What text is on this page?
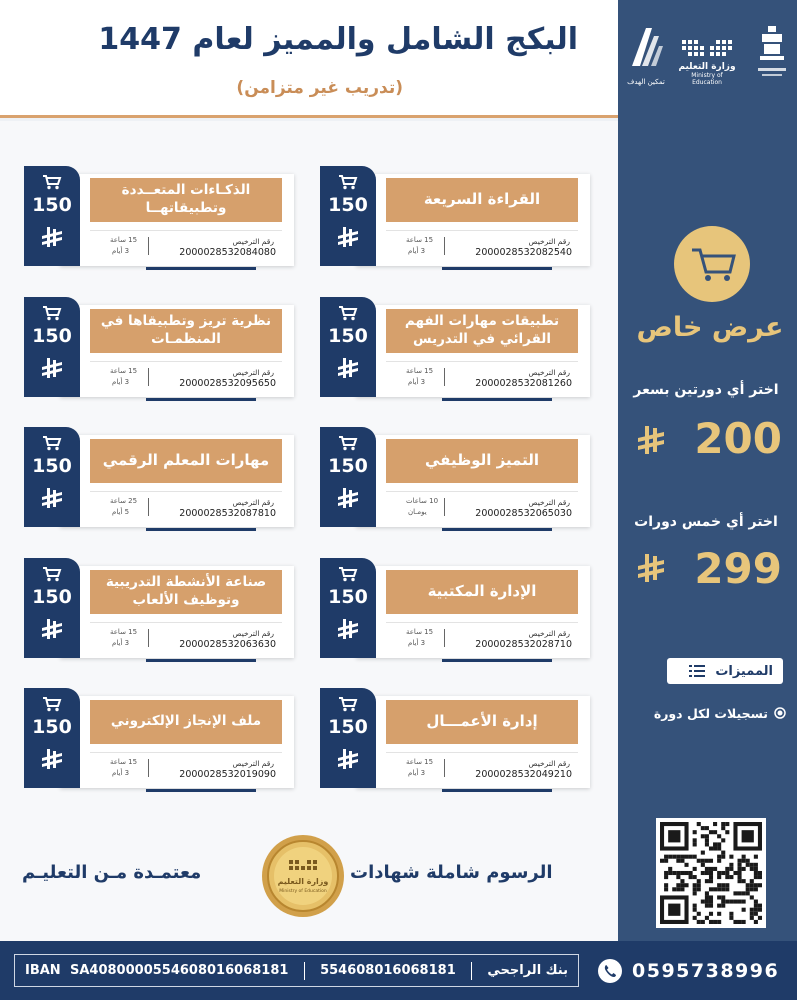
البكج الشامل والمميز لعام 1447
(تدريب غير متزامن)
القراءة السريعة
رقم الترخيص
2000028532082540
15 ساعة
3 أيام
150
الذكـاءات المتعــددة وتطبيقاتهــا
رقم الترخيص
2000028532084080
15 ساعة
3 أيام
150
تطبيقات مهارات الفهم القرائي في التدريس
رقم الترخيص
2000028532081260
15 ساعة
3 أيام
150
نظرية تريز وتطبيقاها في المنظمـات
رقم الترخيص
2000028532095650
15 ساعة
3 أيام
150
التميز الوظيفي
رقم الترخيص
2000028532065030
10 ساعات
يومـان
150
مهارات المعلم الرقمي
رقم الترخيص
2000028532087810
25 ساعة
5 أيام
150
الإدارة المكتبية
رقم الترخيص
2000028532028710
15 ساعة
3 أيام
150
صناعة الأنشطة التدريبية وتوظيف الألعاب
رقم الترخيص
2000028532063630
15 ساعة
3 أيام
150
إدارة الأعمـــال
رقم الترخيص
2000028532049210
15 ساعة
3 أيام
150
ملف الإنجاز الإلكتروني
رقم الترخيص
2000028532019090
15 ساعة
3 أيام
150
تمكين الهدف
وزارة التعليم
Ministry of Education
عرض خاص
اختر أي دورتين بسعر
200
اختر أي خمس دورات
299
المميزات
تسجيلات لكل دورة
الرسوم شاملة شهادات
وزارة التعليم
Ministry of Education
معتمـدة مـن التعليـم
IBAN SA4080000554608016068181 554608016068181 بنك الراجحي	0595738996
